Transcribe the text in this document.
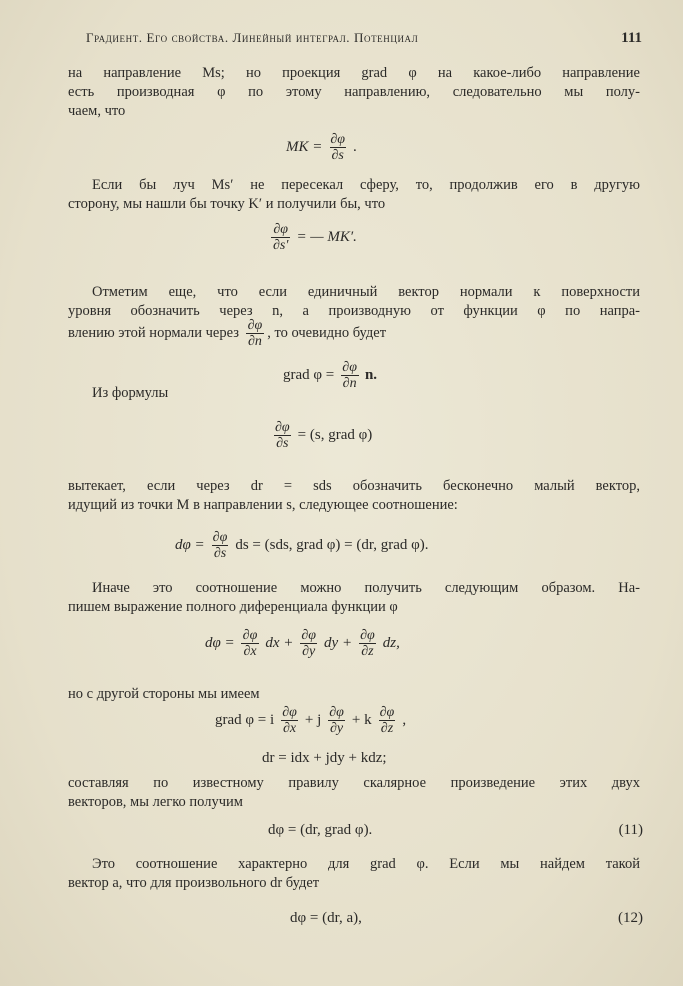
Градиент. Его свойства. Линейный интеграл. Потенциал	111
на направление Ms; но проекция grad φ на какое-либо направление
есть производная φ по этому направлению, следовательно мы полу-
чаем, что
MK = $\frac{\partial\varphi}{\partial s}$ .
Если бы луч Ms′ не пересекал сферу, то, продолжив его в другую
сторону, мы нашли бы точку K′ и получили бы, что
$\frac{\partial\varphi}{\partial s'}$ = — MK′.
Отметим еще, что если единичный вектор нормали к поверхности
уровня обозначить через n, а производную от функции φ по напра-
влению этой нормали через $\frac{\partial\varphi}{\partial n}$ , то очевидно будет
grad $\varphi = \frac{\partial\varphi}{\partial n} n$.
Из формулы
$\frac{\partial\varphi}{\partial s} = (s$, grad φ)
вытекает, если через dr = sds обозначить бесконечно малый вектор,
идущий из точки M в направлении s, следующее соотношение:
$d\varphi = \frac{\partial\varphi}{\partial s}$ ds = (sds, grad φ) = (dr, grad φ).
Иначе это соотношение можно получить следующим образом. На-
пишем выражение полного диференциала функции φ
$d\varphi = \frac{\partial\varphi}{\partial x}$ dx + $\frac{\partial\varphi}{\partial y}$ dy + $\frac{\partial\varphi}{\partial z}$ dz,
но с другой стороны мы имеем
grad φ = i $\frac{\partial\varphi}{\partial x} + j \frac{\partial\varphi}{\partial y} + k \frac{\partial\varphi}{\partial z}$ ,
dr = idx + jdy + kdz;
составляя по известному правилу скалярное произведение этих двух
векторов, мы легко получим
dφ = (dr, grad φ).	(11)
Это соотношение характерно для grad φ. Если мы найдем такой
вектор a, что для произвольного dr будет
dφ = (dr, a),	(12)
